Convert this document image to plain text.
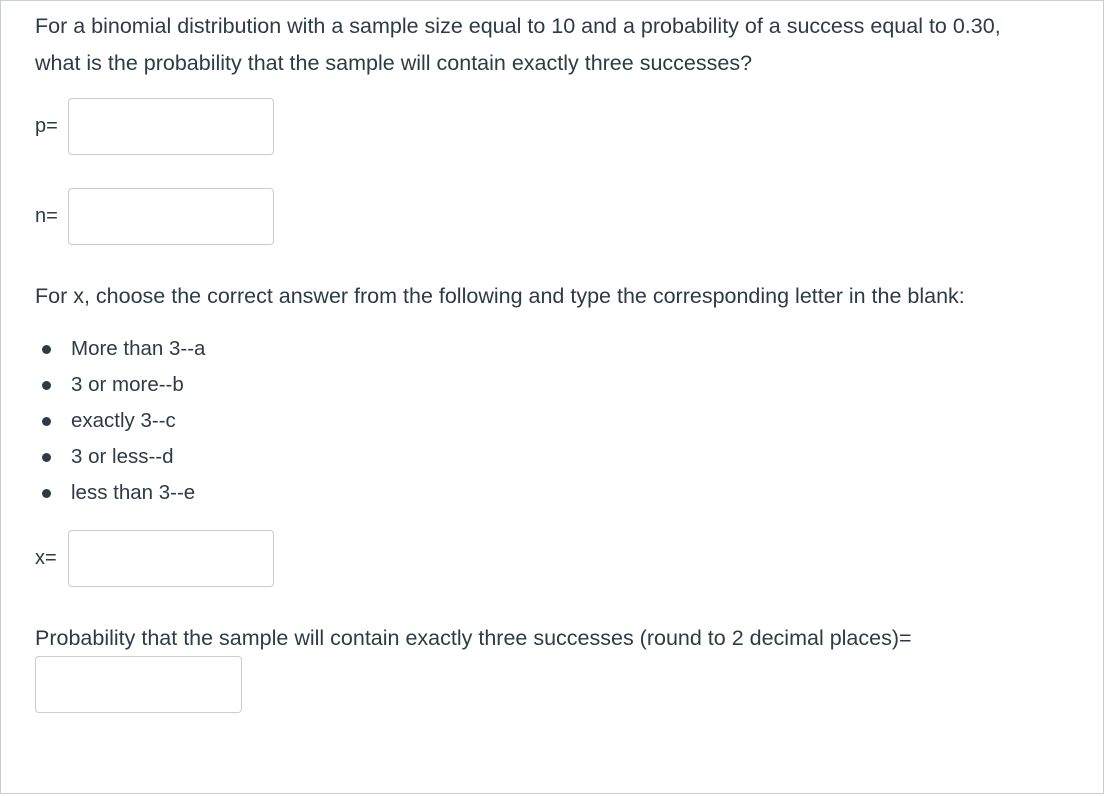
For a binomial distribution with a sample size equal to 10 and a probability of a success equal to 0.30,
what is the probability that the sample will contain exactly three successes?

p=
n=

For x, choose the correct answer from the following and type the corresponding letter in the blank:

More than 3--a
3 or more--b
exactly 3--c
3 or less--d
less than 3--e
x=

Probability that the sample will contain exactly three successes (round to 2 decimal places)=
